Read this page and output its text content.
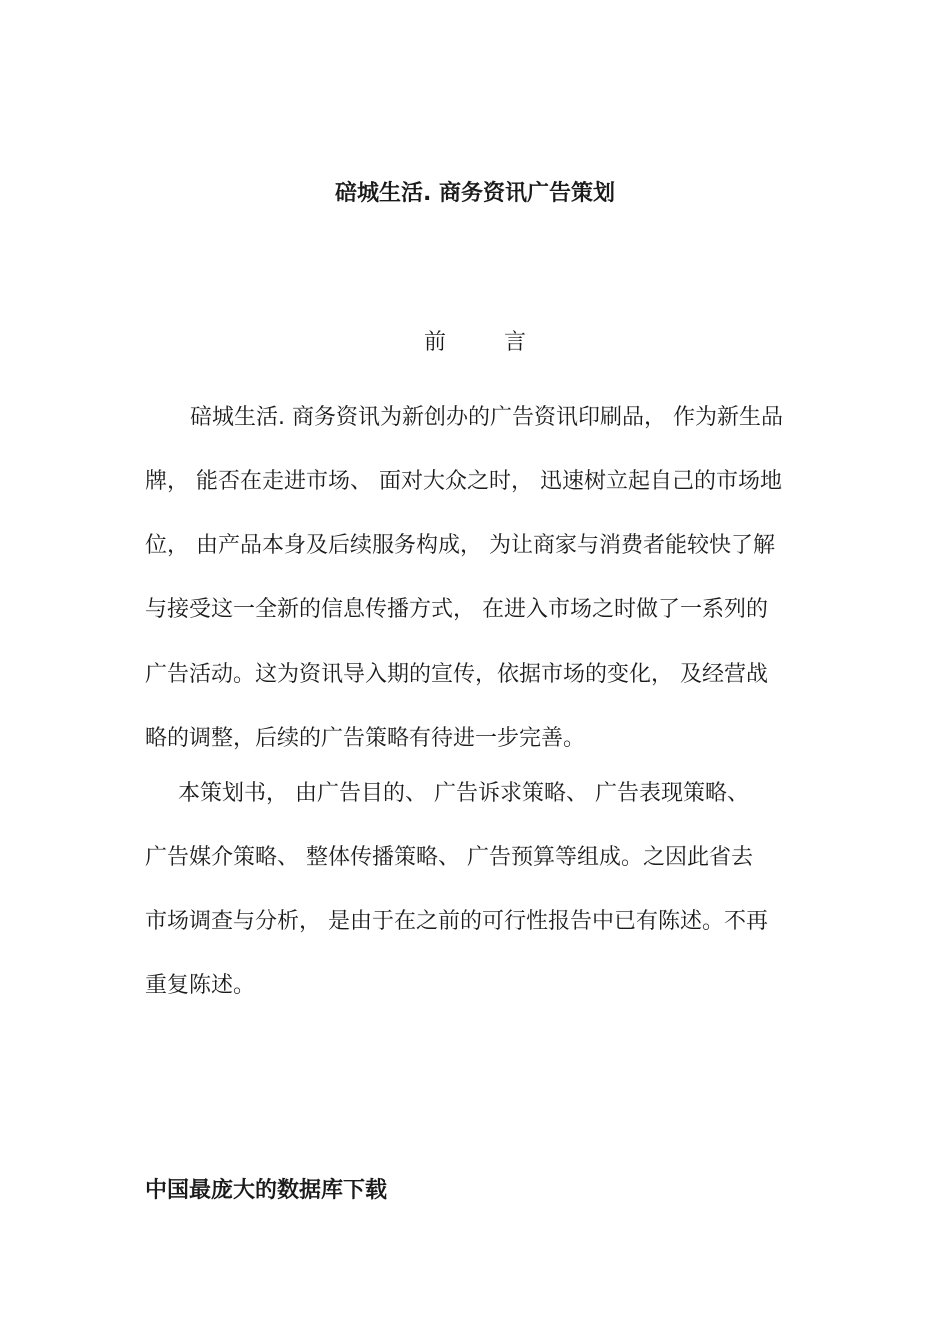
碚城生活. 商务资讯广告策划
前	言
碚城生活. 商务资讯为新创办的广告资讯印刷品， 作为新生品
牌， 能否在走进市场、 面对大众之时， 迅速树立起自己的市场地
位， 由产品本身及后续服务构成， 为让商家与消费者能较快了解
与接受这一全新的信息传播方式， 在进入市场之时做了一系列的
广告活动。这为资讯导入期的宣传，依据市场的变化， 及经营战
略的调整，后续的广告策略有待进一步完善。
本策划书， 由广告目的、 广告诉求策略、 广告表现策略、
广告媒介策略、 整体传播策略、 广告预算等组成。之因此省去
市场调查与分析， 是由于在之前的可行性报告中已有陈述。不再
重复陈述。
中国最庞大的数据库下载
